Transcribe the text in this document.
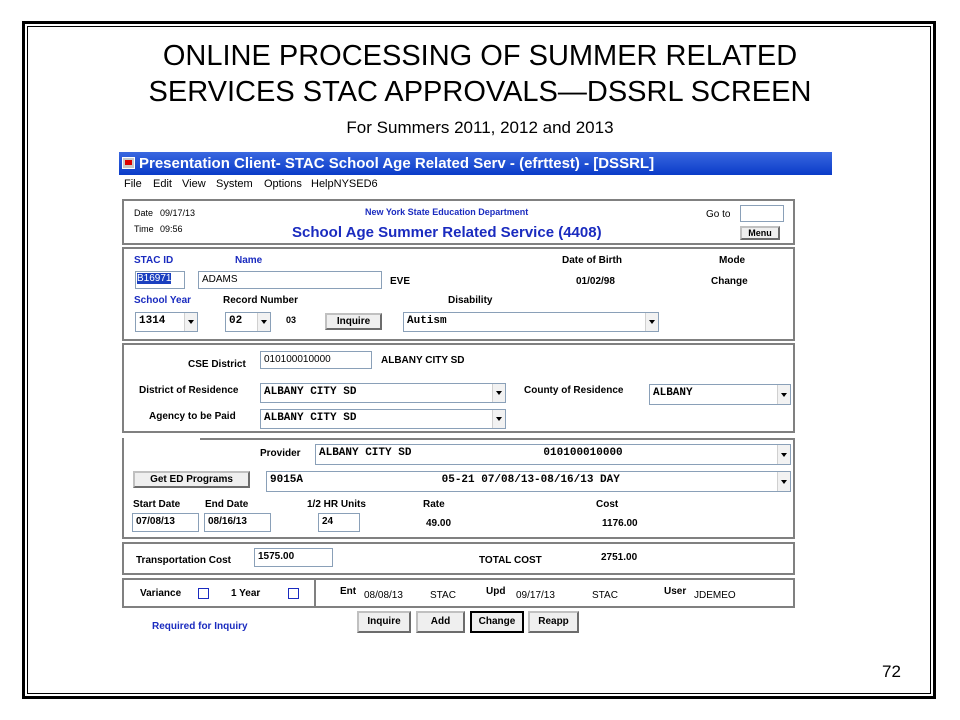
ONLINE PROCESSING OF SUMMER RELATED
SERVICES STAC APPROVALS—DSSRL SCREEN
For Summers 2011, 2012 and 2013
72
Presentation Client- STAC School Age Related Serv - (efrttest) - [DSSRL]
File Edit View System Options HelpNYSED6
Date 09/17/13
Time 09:56
New York State Education Department
School Age Summer Related Service (4408)
Go to
Menu
STAC ID	Name	Date of Birth	Mode
B16971	ADAMS	EVE	01/02/98	Change
School Year	Record Number	Disability
1314	02	03	Inquire	Autism
CSE District	010100010000	ALBANY CITY SD
District of Residence	ALBANY CITY SD	County of Residence	ALBANY
Agency to be Paid	ALBANY CITY SD
Provider	ALBANY CITY SD                    010100010000
Get ED Programs	9015A                     05-21 07/08/13-08/16/13 DAY
Start Date End Date	1/2 HR Units	Rate	Cost
07/08/13	08/16/13	24	49.00	1176.00
Transportation Cost	1575.00	TOTAL COST	2751.00
Variance	1 Year	Ent 08/08/13	STAC	Upd 09/17/13	STAC	User JDEMEO
Required for Inquiry	Inquire	Add	Change	Reapp
